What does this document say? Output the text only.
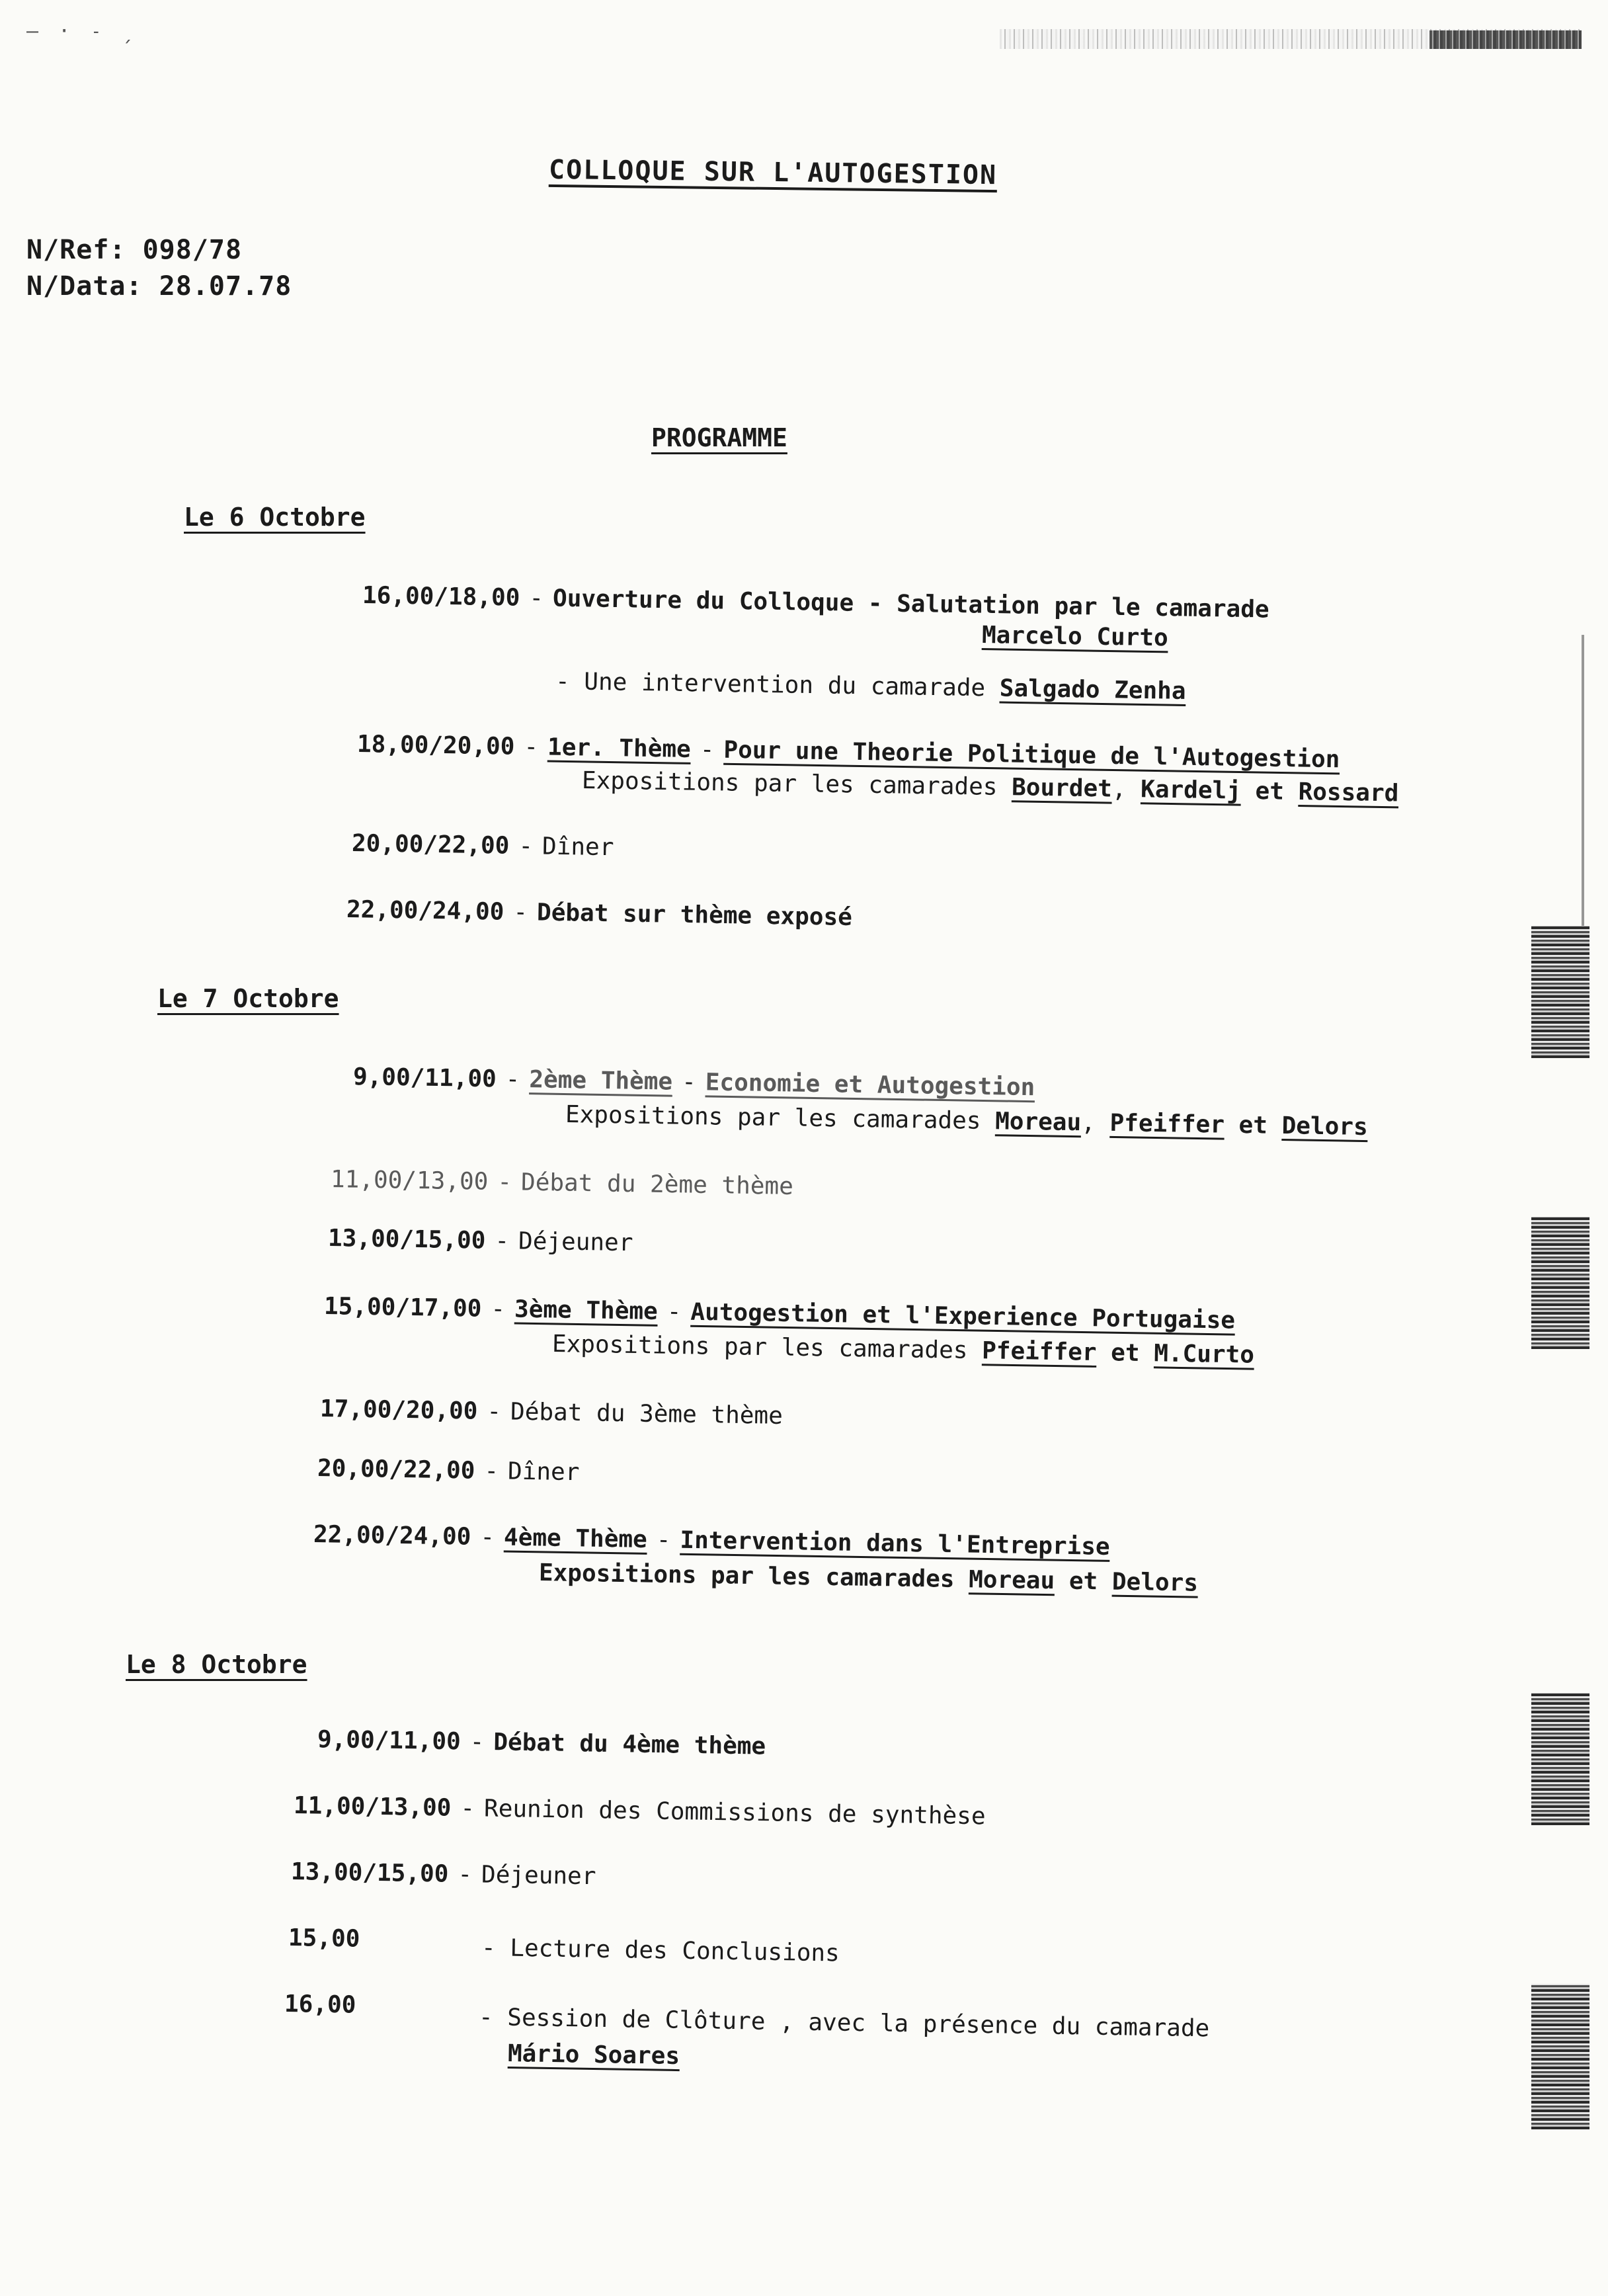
– · ˗ ˏ
COLLOQUE SUR L'AUTOGESTION
N/Ref: 098/78
N/Data: 28.07.78
PROGRAMME
Le 6 Octobre
16,00/18,00 - Ouverture du Colloque - Salutation par le camarade
Marcelo Curto
- Une intervention du camarade Salgado Zenha
18,00/20,00 - 1er. Thème - Pour une Theorie Politique de l'Autogestion
Expositions par les camarades Bourdet, Kardelj et Rossard
20,00/22,00 - Dîner
22,00/24,00 - Débat sur thème exposé
Le 7 Octobre
9,00/11,00 - 2ème Thème - Economie et Autogestion
Expositions par les camarades Moreau, Pfeiffer et Delors
11,00/13,00 - Débat du 2ème thème
13,00/15,00 - Déjeuner
15,00/17,00 - 3ème Thème - Autogestion et l'Experience Portugaise
Expositions par les camarades Pfeiffer et M.Curto
17,00/20,00 - Débat du 3ème thème
20,00/22,00 - Dîner
22,00/24,00 - 4ème Thème - Intervention dans l'Entreprise
Expositions par les camarades Moreau et Delors
Le 8 Octobre
9,00/11,00 - Débat du 4ème thème
11,00/13,00 - Reunion des Commissions de synthèse
13,00/15,00 - Déjeuner
15,00	- Lecture des Conclusions
16,00	- Session de Clôture , avec la présence du camarade
Mário Soares
